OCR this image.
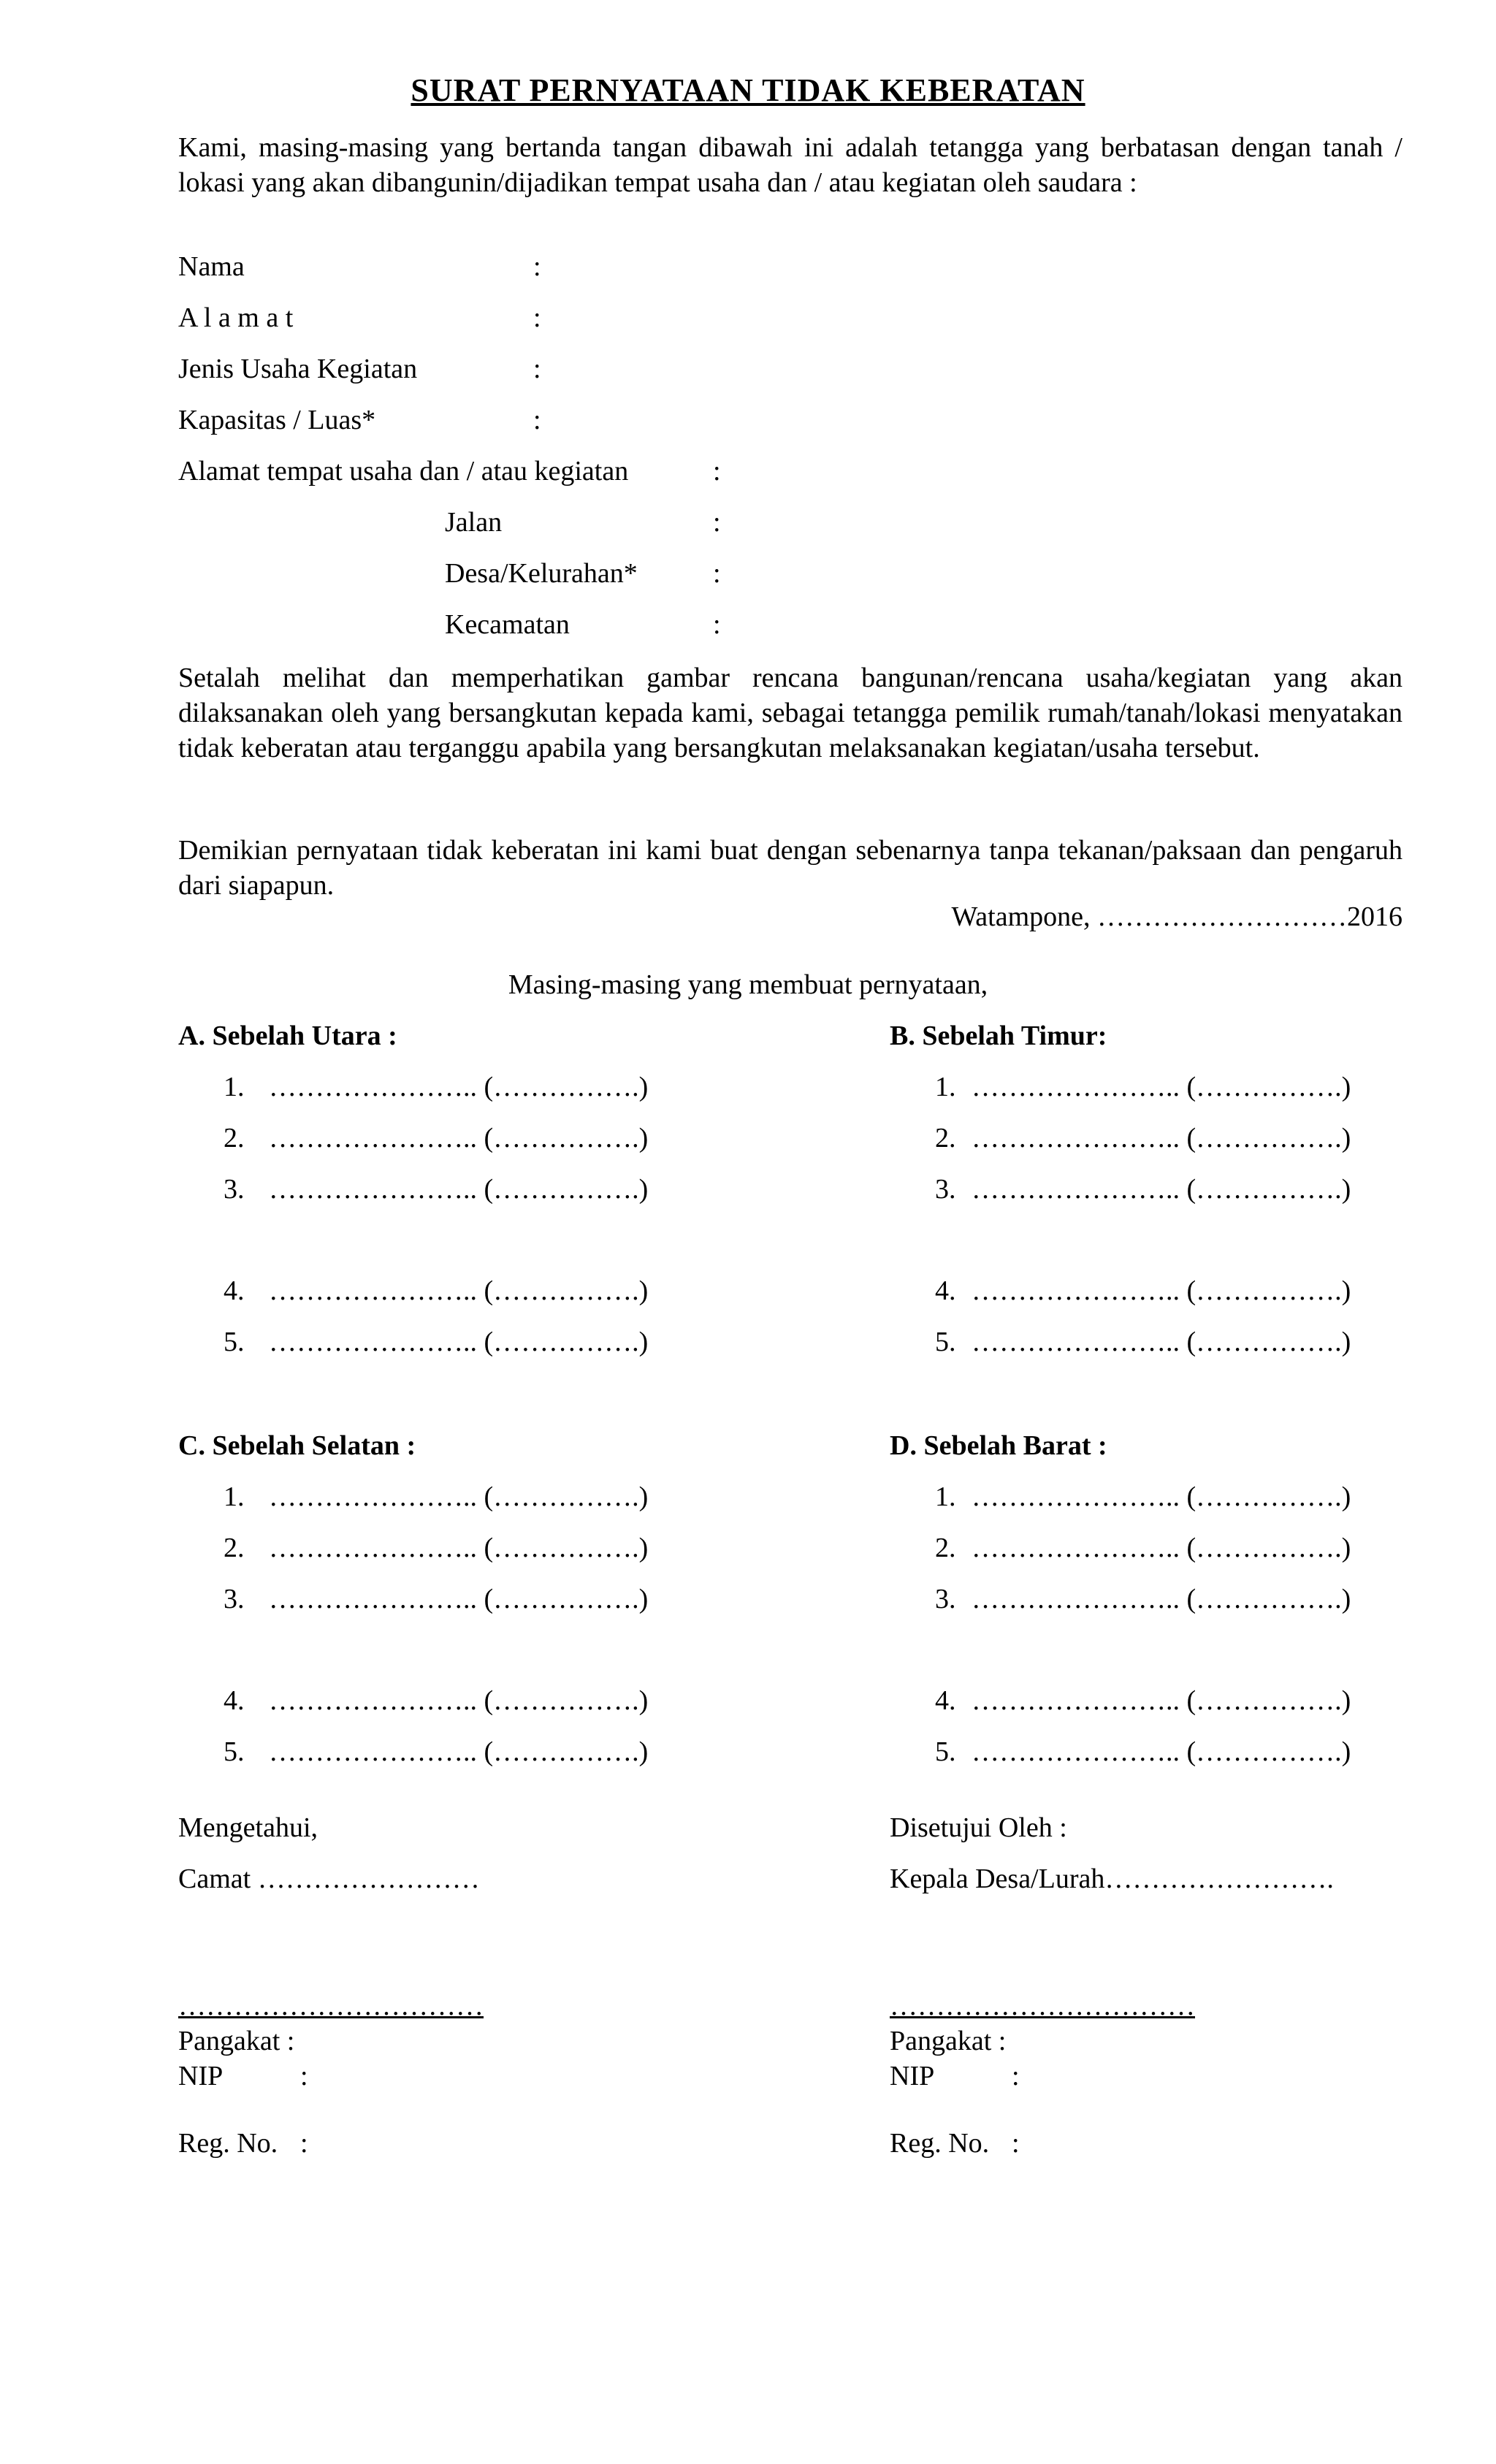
SURAT PERNYATAAN TIDAK KEBERATAN
Kami, masing-masing yang bertanda tangan dibawah ini adalah tetangga yang berbatasan dengan tanah / lokasi yang akan dibangunin/dijadikan tempat usaha dan / atau kegiatan oleh saudara :
Nama	:
A l a m a t	:
Jenis Usaha Kegiatan	:
Kapasitas / Luas*	:
Alamat tempat usaha dan / atau kegiatan	:
Jalan	:
Desa/Kelurahan*	:
Kecamatan	:
Setalah melihat dan memperhatikan gambar rencana bangunan/rencana usaha/kegiatan yang akan dilaksanakan oleh yang bersangkutan kepada kami, sebagai tetangga pemilik rumah/tanah/lokasi menyatakan tidak keberatan atau terganggu apabila yang bersangkutan melaksanakan kegiatan/usaha tersebut.
Demikian pernyataan tidak keberatan ini kami buat dengan sebenarnya tanpa tekanan/paksaan dan pengaruh dari siapapun.
Watampone, ………………………2016
Masing-masing yang membuat pernyataan,
A. Sebelah Utara :
1. ………………….. (…………….)
2. ………………….. (…………….)
3. ………………….. (…………….)
4. ………………….. (…………….)
5. ………………….. (…………….)
B. Sebelah Timur:
1. ………………….. (…………….)
2. ………………….. (…………….)
3. ………………….. (…………….)
4. ………………….. (…………….)
5. ………………….. (…………….)
C. Sebelah Selatan :
1. ………………….. (…………….)
2. ………………….. (…………….)
3. ………………….. (…………….)
4. ………………….. (…………….)
5. ………………….. (…………….)
D. Sebelah Barat :
1. ………………….. (…………….)
2. ………………….. (…………….)
3. ………………….. (…………….)
4. ………………….. (…………….)
5. ………………….. (…………….)
Mengetahui,
Camat ……………………
……………………………
Pangakat :
NIP	:
Reg. No. :
Disetujui Oleh :
Kepala Desa/Lurah…………………….
……………………………
Pangakat :
NIP	:
Reg. No. :
